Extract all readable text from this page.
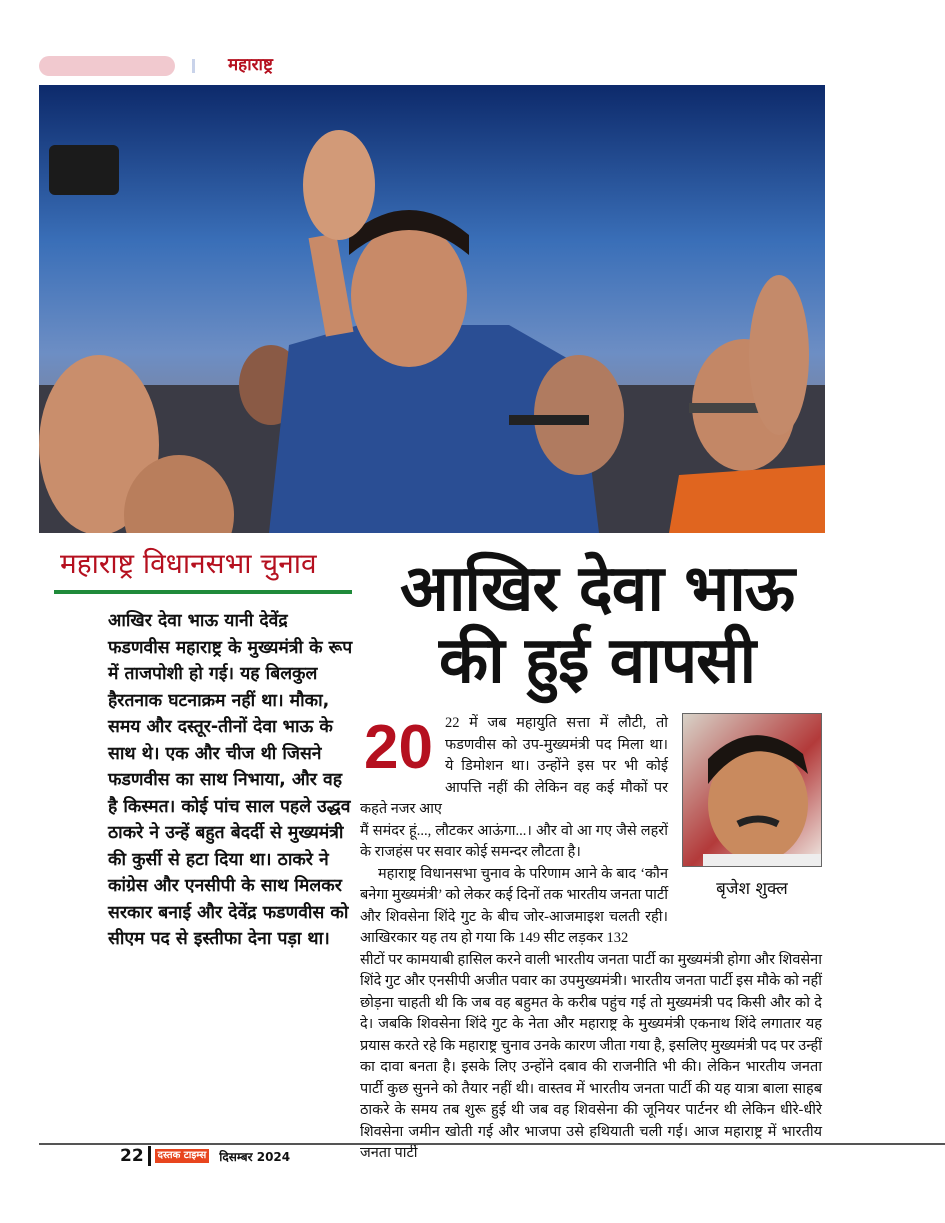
महाराष्ट्र
महाराष्ट्र विधानसभा चुनाव
आखिर देवा भाऊ यानी देवेंद्र फडणवीस महाराष्ट्र के मुख्यमंत्री के रूप में ताजपोशी हो गई। यह बिलकुल हैरतनाक घटनाक्रम नहीं था। मौका, समय और दस्तूर-तीनों देवा भाऊ के साथ थे। एक और चीज थी जिसने फडणवीस का साथ निभाया, और वह है किस्मत। कोई पांच साल पहले उद्धव ठाकरे ने उन्हें बहुत बेदर्दी से मुख्यमंत्री की कुर्सी से हटा दिया था। ठाकरे ने कांग्रेस और एनसीपी के साथ मिलकर सरकार बनाई और देवेंद्र फडणवीस को सीएम पद से इस्तीफा देना पड़ा था।
आखिर देवा भाऊ की हुई वापसी
बृजेश शुक्ल
20 22 में जब महायुति सत्ता में लौटी, तो फडणवीस को उप-मुख्यमंत्री पद मिला था। ये डिमोशन था। उन्होंने इस पर भी कोई आपत्ति नहीं की लेकिन वह कई मौकों पर कहते नजर आए

मैं समंदर हूं..., लौटकर आऊंगा...। और वो आ गए जैसे लहरों के राजहंस पर सवार कोई समन्दर लौटता है।

महाराष्ट्र विधानसभा चुनाव के परिणाम आने के बाद ‘कौन बनेगा मुख्यमंत्री’ को लेकर कई दिनों तक भारतीय जनता पार्टी और शिवसेना शिंदे गुट के बीच जोर-आजमाइश चलती रही। आखिरकार यह तय हो गया कि 149 सीट लड़कर 132

सीटों पर कामयाबी हासिल करने वाली भारतीय जनता पार्टी का मुख्यमंत्री होगा और शिवसेना शिंदे गुट और एनसीपी अजीत पवार का उपमुख्यमंत्री। भारतीय जनता पार्टी इस मौके को नहीं छोड़ना चाहती थी कि जब वह बहुमत के करीब पहुंच गई तो मुख्यमंत्री पद किसी और को दे दे। जबकि शिवसेना शिंदे गुट के नेता और महाराष्ट्र के मुख्यमंत्री एकनाथ शिंदे लगातार यह प्रयास करते रहे कि महाराष्ट्र चुनाव उनके कारण जीता गया है, इसलिए मुख्यमंत्री पद पर उन्हीं का दावा बनता है। इसके लिए उन्होंने दबाव की राजनीति भी की। लेकिन भारतीय जनता पार्टी कुछ सुनने को तैयार नहीं थी। वास्तव में भारतीय जनता पार्टी की यह यात्रा बाला साहब ठाकरे के समय तब शुरू हुई थी जब वह शिवसेना की जूनियर पार्टनर थी लेकिन धीरे-धीरे शिवसेना जमीन खोती गई और भाजपा उसे हथियाती चली गई। आज महाराष्ट्र में भारतीय जनता पार्टी

22	दस्तक टाइम्स दिसम्बर 2024
